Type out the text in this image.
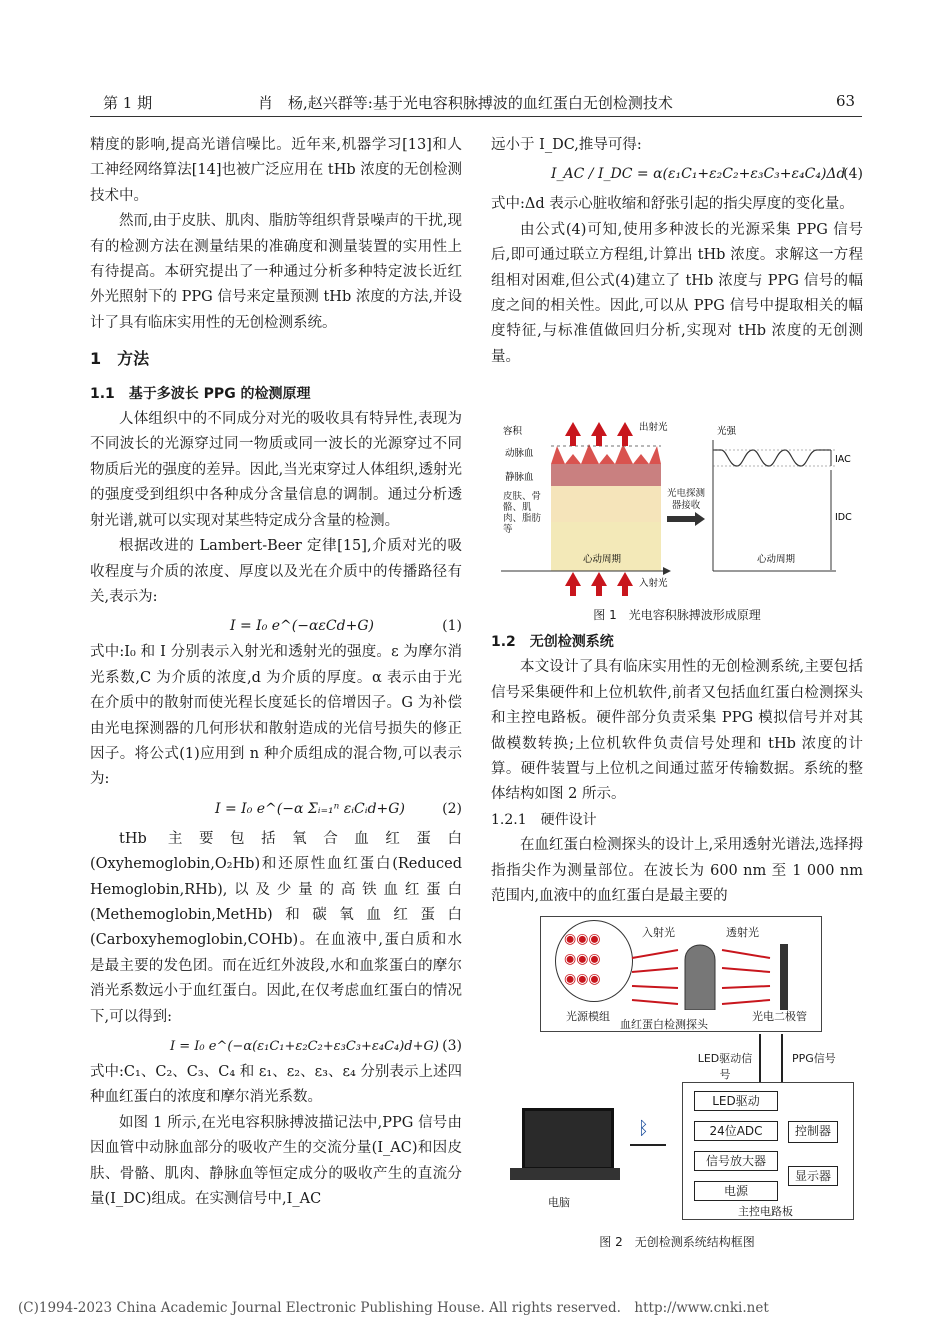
第 1 期	肖　杨,赵兴群等:基于光电容积脉搏波的血红蛋白无创检测技术	63

精度的影响,提高光谱信噪比。近年来,机器学习[13]和人工神经网络算法[14]也被广泛应用在 tHb 浓度的无创检测技术中。

然而,由于皮肤、肌肉、脂肪等组织背景噪声的干扰,现有的检测方法在测量结果的准确度和测量装置的实用性上有待提高。本研究提出了一种通过分析多种特定波长近红外光照射下的 PPG 信号来定量预测 tHb 浓度的方法,并设计了具有临床实用性的无创检测系统。

1　方法
1.1　基于多波长 PPG 的检测原理

人体组织中的不同成分对光的吸收具有特异性,表现为不同波长的光源穿过同一物质或同一波长的光源穿过不同物质后光的强度的差异。因此,当光束穿过人体组织,透射光的强度受到组织中各种成分含量信息的调制。通过分析透射光谱,就可以实现对某些特定成分含量的检测。

根据改进的 Lambert-Beer 定律[15],介质对光的吸收程度与介质的浓度、厚度以及光在介质中的传播路径有关,表示为:

I = I₀ e^(−αεCd+G)	(1)

式中:I₀ 和 I 分别表示入射光和透射光的强度。ε 为摩尔消光系数,C 为介质的浓度,d 为介质的厚度。α 表示由于光在介质中的散射而使光程长度延长的倍增因子。G 为补偿由光电探测器的几何形状和散射造成的光信号损失的修正因子。将公式(1)应用到 n 种介质组成的混合物,可以表示为:

I = I₀ e^(−α Σᵢ₌₁ⁿ εᵢCᵢd+G)	(2)

tHb 主要包括氧合血红蛋白(Oxyhemoglobin,O₂Hb)和还原性血红蛋白(Reduced Hemoglobin,RHb),以及少量的高铁血红蛋白(Methemoglobin,MetHb)和碳氧血红蛋白(Carboxyhemoglobin,COHb)。在血液中,蛋白质和水是最主要的发色团。而在近红外波段,水和血浆蛋白的摩尔消光系数远小于血红蛋白。因此,在仅考虑血红蛋白的情况下,可以得到:

I = I₀ e^(−α(ε₁C₁+ε₂C₂+ε₃C₃+ε₄C₄)d+G) (3)

式中:C₁、C₂、C₃、C₄ 和 ε₁、ε₂、ε₃、ε₄ 分别表示上述四种血红蛋白的浓度和摩尔消光系数。

如图 1 所示,在光电容积脉搏波描记法中,PPG 信号由因血管中动脉血部分的吸收产生的交流分量(I_AC)和因皮肤、骨骼、肌肉、静脉血等恒定成分的吸收产生的直流分量(I_DC)组成。在实测信号中,I_AC

远小于 I_DC,推导可得:

I_AC / I_DC = α(ε₁C₁+ε₂C₂+ε₃C₃+ε₄C₄)Δd
(4)

式中:Δd 表示心脏收缩和舒张引起的指尖厚度的变化量。

由公式(4)可知,使用多种波长的光源采集 PPG 信号后,即可通过联立方程组,计算出 tHb 浓度。求解这一方程组相对困难,但公式(4)建立了 tHb 浓度与 PPG 信号的幅度之间的相关性。因此,可以从 PPG 信号中提取相关的幅度特征,与标准值做回归分析,实现对 tHb 浓度的无创测量。

容积	出射光
入射光
动脉血
静脉血
皮肤、骨骼、肌肉、脂肪等
心动周期
光电探测器接收
光强
IAC
IDC
心动周期
图 1　光电容积脉搏波形成原理
1.2　无创检测系统

本文设计了具有临床实用性的无创检测系统,主要包括信号采集硬件和上位机软件,前者又包括血红蛋白检测探头和主控电路板。硬件部分负责采集 PPG 模拟信号并对其做模数转换;上位机软件负责信号处理和 tHb 浓度的计算。硬件装置与上位机之间通过蓝牙传输数据。系统的整体结构如图 2 所示。

1.2.1　硬件设计

在血红蛋白检测探头的设计上,采用透射光谱法,选择拇指指尖作为测量部位。在波长为 600 nm 至 1 000 nm 范围内,血液中的血红蛋白是最主要的

◉◉◉
◉◉◉
◉◉◉
光源模组
入射光	透射光
血红蛋白检测探头
光电二极管
LED驱动信号
PPG信号
LED驱动
24位ADC	控制器
信号放大器
显示器
电源
主控电路板
电脑
ᛒ
图 2　无创检测系统结构框图
(C)1994-2023 China Academic Journal Electronic Publishing House. All rights reserved.　http://www.cnki.net
